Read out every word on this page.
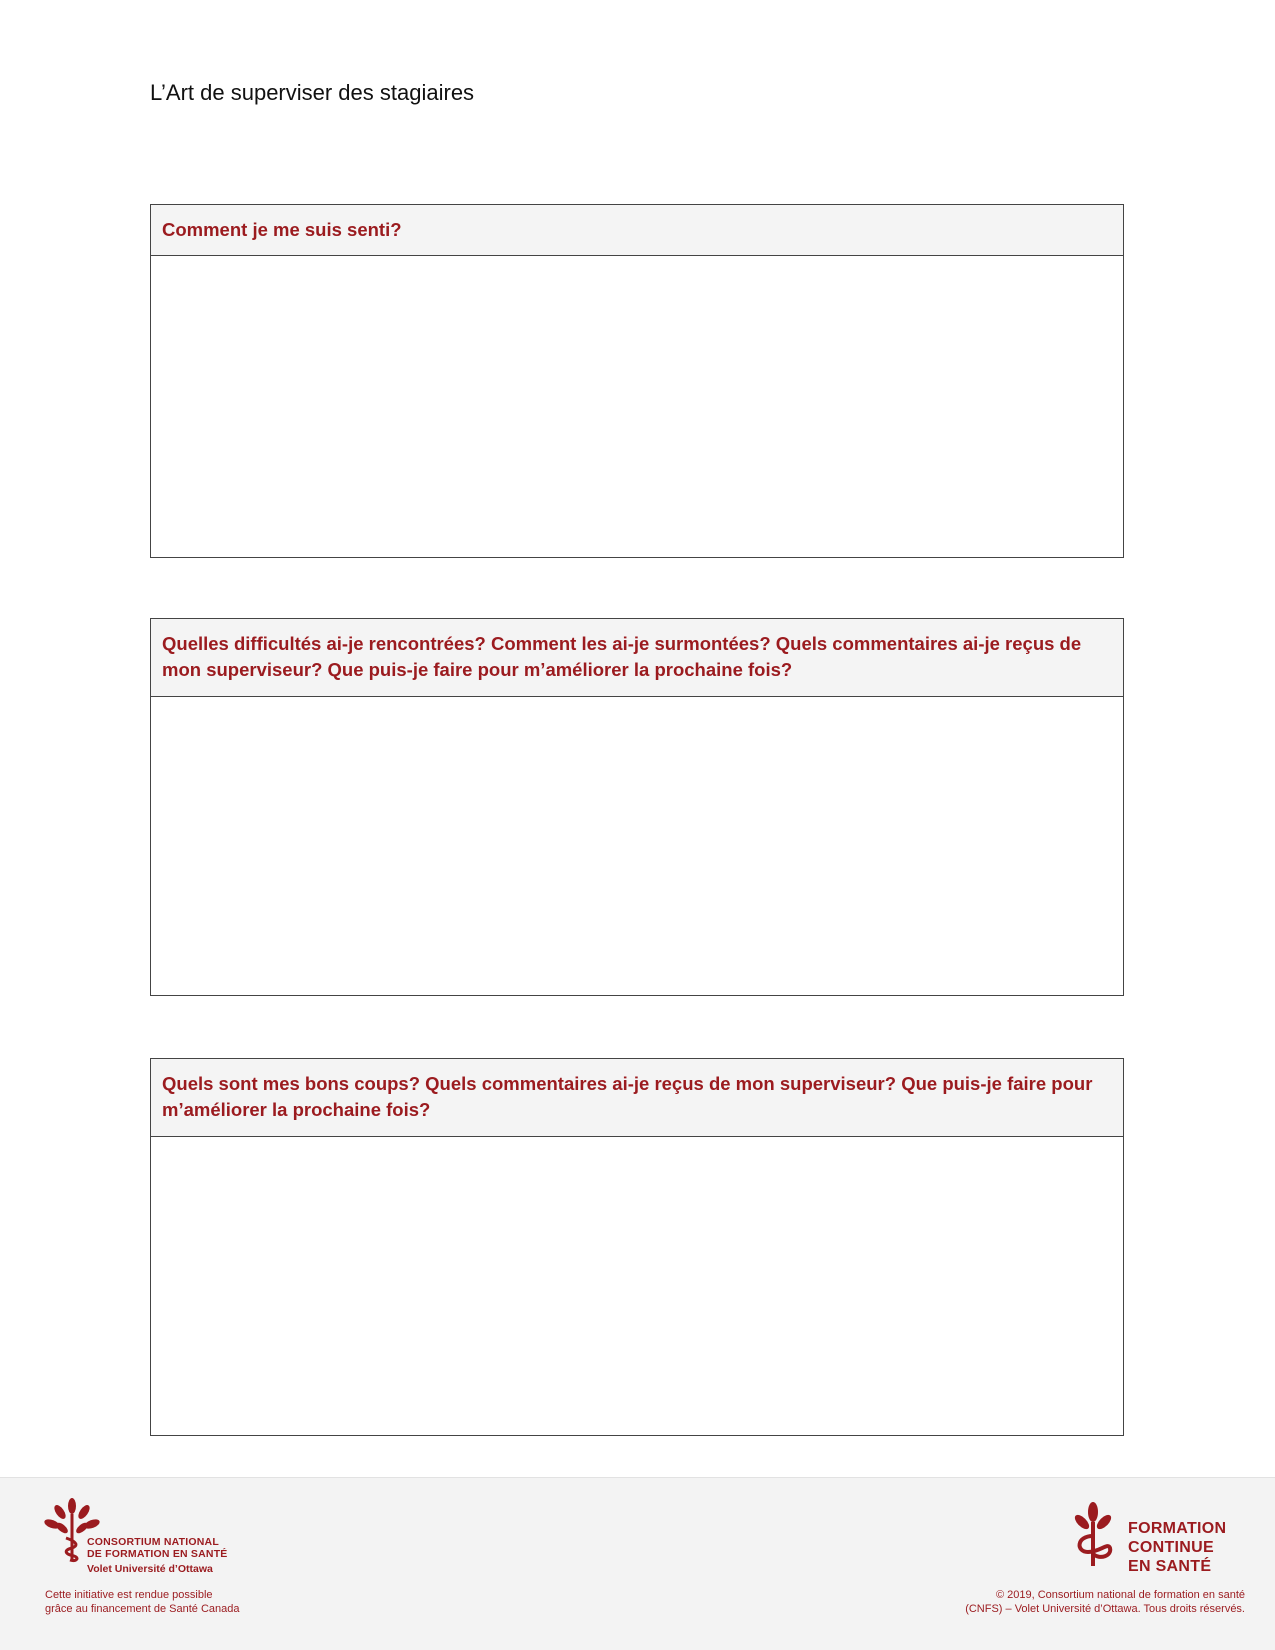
L’Art de superviser des stagiaires
Comment je me suis senti?
Quelles difficultés ai-je rencontrées? Comment les ai-je surmontées? Quels commentaires ai-je reçus de mon superviseur? Que puis-je faire pour m’améliorer la prochaine fois?
Quels sont mes bons coups? Quels commentaires ai-je reçus de mon superviseur? Que puis-je faire pour m’améliorer la prochaine fois?
CONSORTIUM NATIONAL
DE FORMATION EN SANTÉ
Volet Université d’Ottawa
Cette initiative est rendue possible
grâce au financement de Santé Canada
FORMATION
CONTINUE
EN SANTÉ
© 2019, Consortium national de formation en santé
(CNFS) – Volet Université d’Ottawa. Tous droits réservés.
